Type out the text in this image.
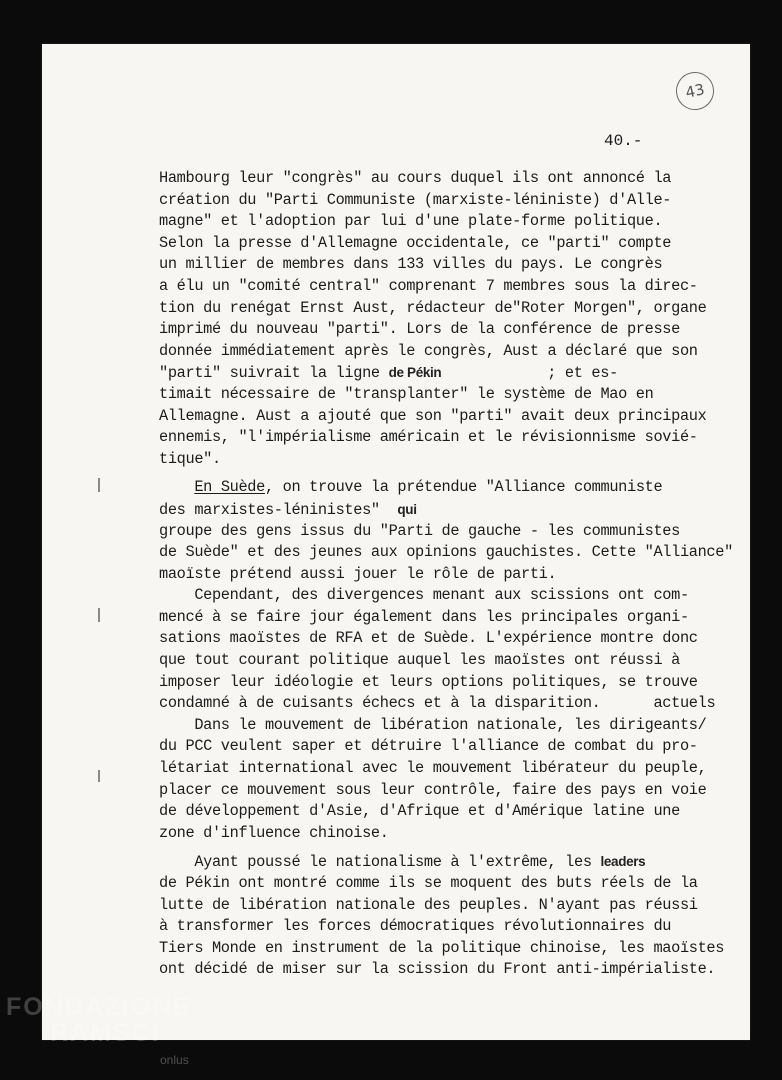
43
40.-
Hambourg leur "congrès" au cours duquel ils ont annoncé la
création du "Parti Communiste (marxiste-léniniste) d'Alle-
magne" et l'adoption par lui d'une plate-forme politique.
Selon la presse d'Allemagne occidentale, ce "parti" compte
un millier de membres dans 133 villes du pays. Le congrès
a élu un "comité central" comprenant 7 membres sous la direc-
tion du renégat Ernst Aust, rédacteur de"Roter Morgen", organe
imprimé du nouveau "parti". Lors de la conférence de presse
donnée immédiatement après le congrès, Aust a déclaré que son
"parti" suivrait la ligne de Pékin            ; et es-
timait nécessaire de "transplanter" le système de Mao en
Allemagne. Aust a ajouté que son "parti" avait deux principaux
ennemis, "l'impérialisme américain et le révisionnisme sovié-
tique".
En Suède, on trouve la prétendue "Alliance communiste
des marxistes-léninistes"  qui
groupe des gens issus du "Parti de gauche - les communistes
de Suède" et des jeunes aux opinions gauchistes. Cette "Alliance"
maoïste prétend aussi jouer le rôle de parti.
Cependant, des divergences menant aux scissions ont com-
mencé à se faire jour également dans les principales organi-
sations maoïstes de RFA et de Suède. L'expérience montre donc
que tout courant politique auquel les maoïstes ont réussi à
imposer leur idéologie et leurs options politiques, se trouve
condamné à de cuisants échecs et à la disparition.      actuels
Dans le mouvement de libération nationale, les dirigeants/
du PCC veulent saper et détruire l'alliance de combat du pro-
létariat international avec le mouvement libérateur du peuple,
placer ce mouvement sous leur contrôle, faire des pays en voie
de développement d'Asie, d'Afrique et d'Amérique latine une
zone d'influence chinoise.
Ayant poussé le nationalisme à l'extrême, les leaders
de Pékin ont montré comme ils se moquent des buts réels de la
lutte de libération nationale des peuples. N'ayant pas réussi
à transformer les forces démocratiques révolutionnaires du
Tiers Monde en instrument de la politique chinoise, les maoïstes
ont décidé de miser sur la scission du Front anti-impérialiste.
FONDAZIONE
RAMSCI
onlus
